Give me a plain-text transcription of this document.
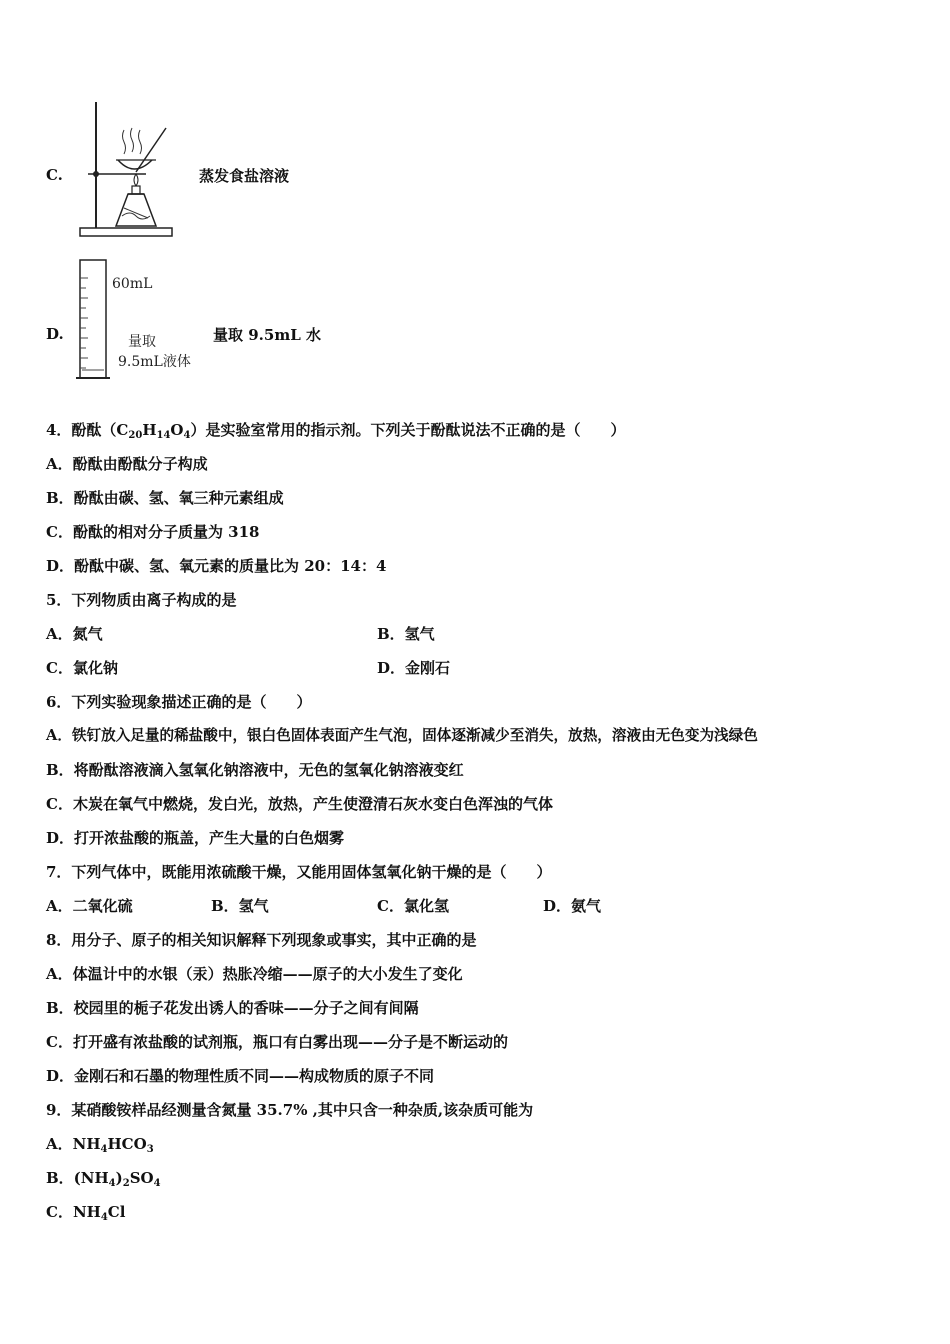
C.	蒸发食盐溶液
D.
60mL
量取
9.5mL液体
量取 9.5mL 水
4．酚酞$(C_{20}H_{14}O_4)$是实验室常用的指示剂。下列关于酚酞说法不正确的是（　　）
A．酚酞由酚酞分子构成
B．酚酞由碳、氢、氧三种元素组成
C．酚酞的相对分子质量为 318
D．酚酞中碳、氢、氧元素的质量比为 20：14：4
5．下列物质由离子构成的是
A．氮气	B．氢气
C．氯化钠	D．金刚石
6．下列实验现象描述正确的是（　　）
A．铁钉放入足量的稀盐酸中，银白色固体表面产生气泡，固体逐渐减少至消失，放热，溶液由无色变为浅绿色
B．将酚酞溶液滴入氢氧化钠溶液中，无色的氢氧化钠溶液变红
C．木炭在氧气中燃烧，发白光，放热，产生使澄清石灰水变白色浑浊的气体
D．打开浓盐酸的瓶盖，产生大量的白色烟雾
7．下列气体中，既能用浓硫酸干燥，又能用固体氢氧化钠干燥的是（　　）
A．二氧化硫	B．氢气	C．氯化氢	D．氨气
8．用分子、原子的相关知识解释下列现象或事实，其中正确的是
A．体温计中的水银（汞）热胀冷缩——原子的大小发生了变化
B．校园里的栀子花发出诱人的香味——分子之间有间隔
C．打开盛有浓盐酸的试剂瓶，瓶口有白雾出现——分子是不断运动的
D．金刚石和石墨的物理性质不同——构成物质的原子不同
9．某硝酸铵样品经测量含氮量 35.7% ,其中只含一种杂质,该杂质可能为
A．$NH_4HCO_3$
B．$(NH_4)_2SO_4$
C．$NH_4Cl$
